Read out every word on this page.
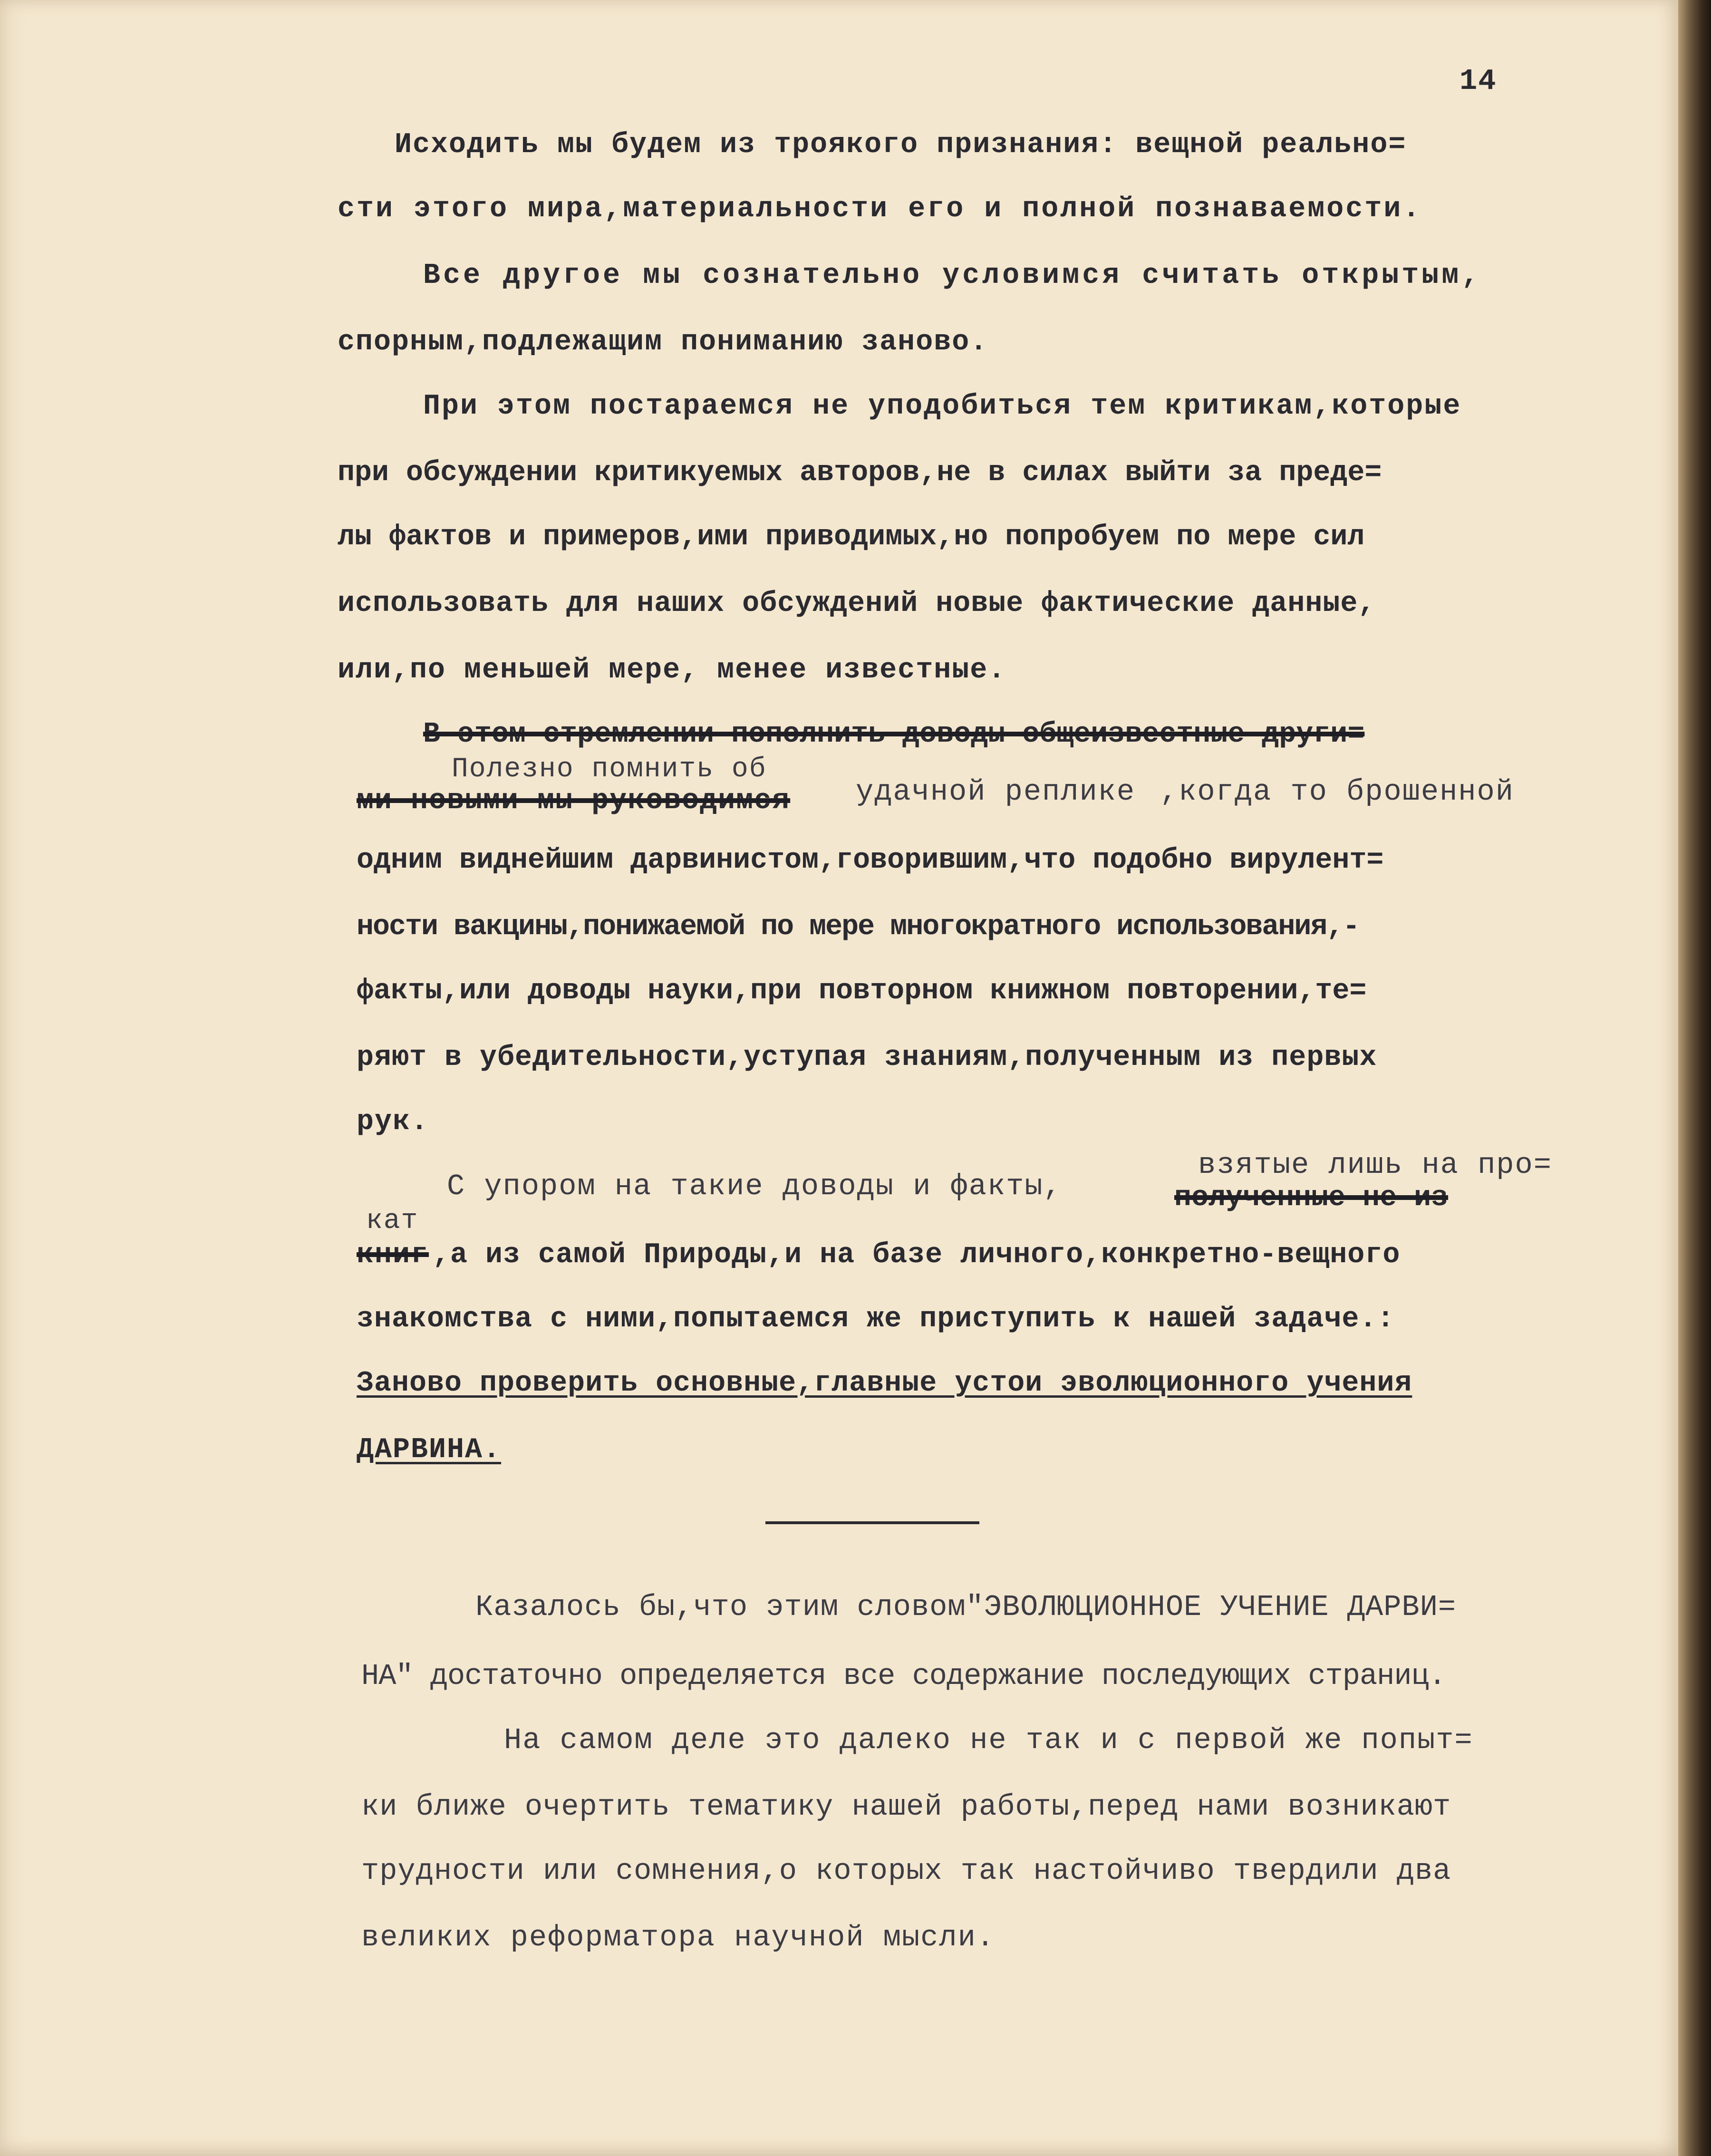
14
Исходить мы будем из троякого признания: вещной реально=
сти этого мира,материальности его и полной познаваемости.
Все другое мы сознательно условимся считать открытым,
спорным,подлежащим пониманию заново.
При этом постараемся не уподобиться тем критикам,которые
при обсуждении критикуемых авторов,не в силах выйти за преде=
лы фактов и примеров,ими приводимых,но попробуем по мере сил
использовать для наших обсуждений новые фактические данные,
или,по меньшей мере, менее известные.
В этом стремлении пополнить доводы общеизвестные други=
Полезно помнить об
ми новыми мы руководимся удачной реплике ,когда то брошенной
одним виднейшим дарвинистом,говорившим,что подобно вирулент=
ности вакцины,понижаемой по мере многократного использования,-
факты,или доводы науки,при повторном книжном повторении,те=
ряют в убедительности,уступая знаниям,полученным из первых
рук.
С упором на такие доводы и факты,
взятые лишь на про=
полученные не из
кат
книг ,а из самой Природы,и на базе личного,конкретно-вещного
знакомства с ними,попытаемся же приступить к нашей задаче.:
Заново проверить основные,главные устои эволюционного учения
ДАРВИНА.
Казалось бы,что этим словом"ЭВОЛЮЦИОННОЕ УЧЕНИЕ ДАРВИ=
НА" достаточно определяется все содержание последующих страниц.
На самом деле это далеко не так и с первой же попыт=
ки ближе очертить тематику нашей работы,перед нами возникают
трудности или сомнения,о которых так настойчиво твердили два
великих реформатора научной мысли.
